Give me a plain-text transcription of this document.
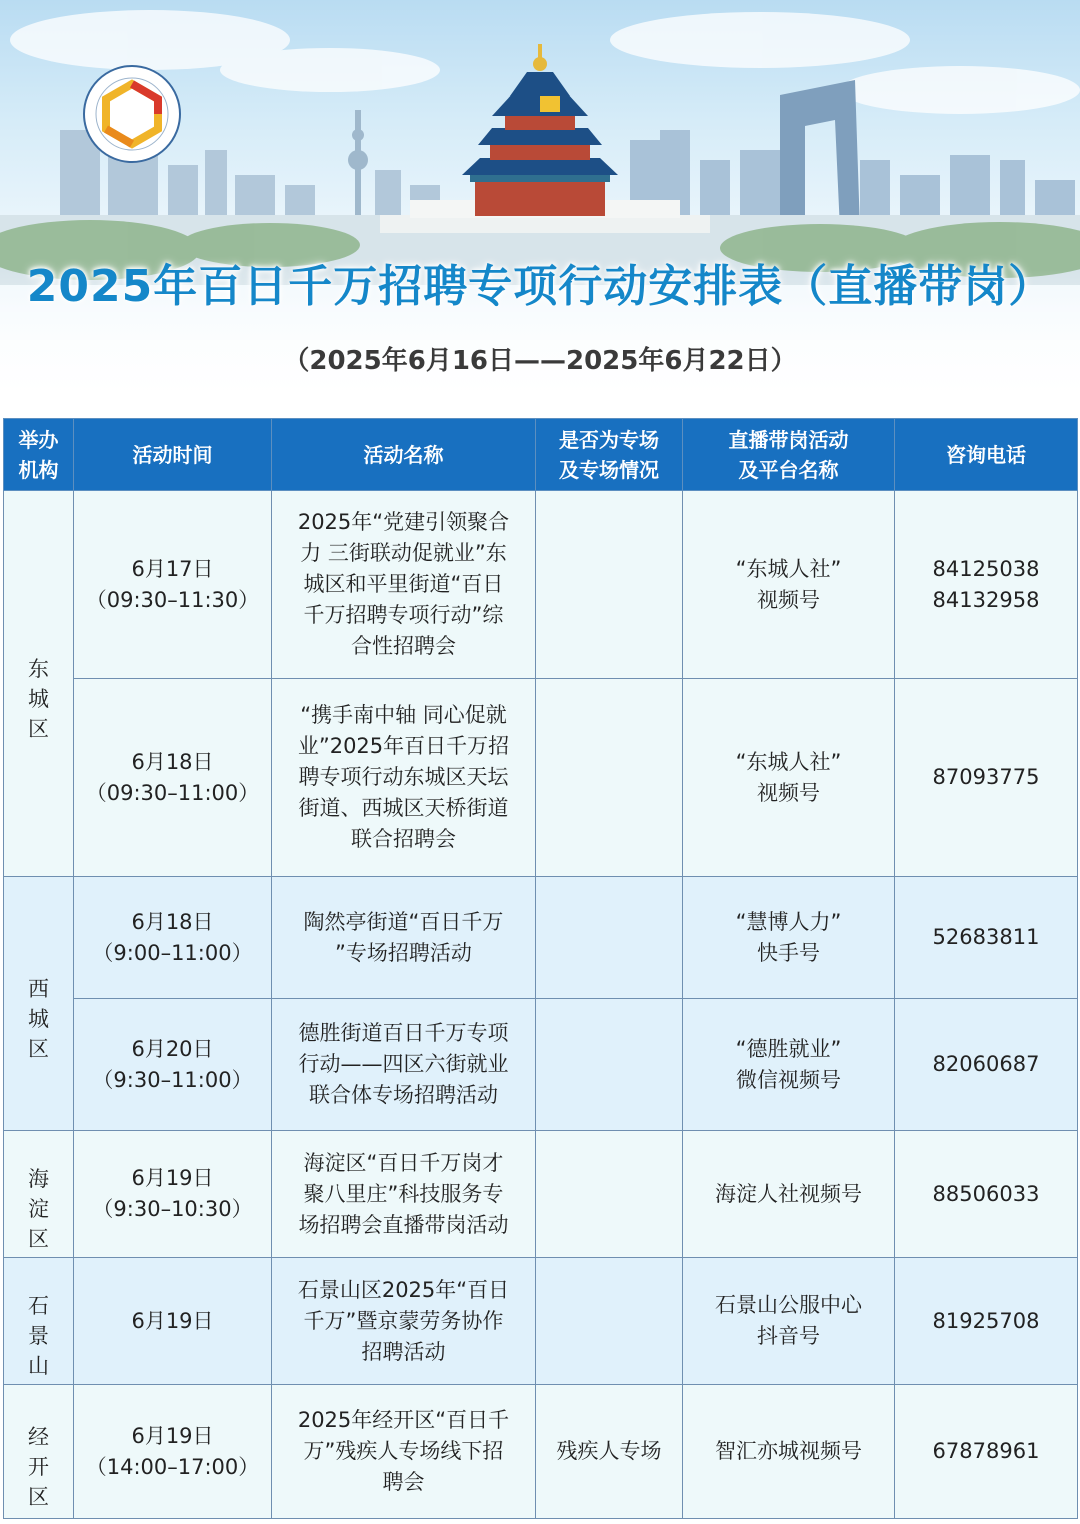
2025年百日千万招聘专项行动安排表（直播带岗）
（2025年6月16日——2025年6月22日）
举办
机构	活动时间	活动名称	是否为专场
及专场情况	直播带岗活动
及平台名称	咨询电话

东城区	6月17日
（09:30–11:30）	2025年“党建引领聚合
力 三街联动促就业”东
城区和平里街道“百日
千万招聘专项行动”综
合性招聘会		“东城人社”
视频号	84125038
84132958
	6月18日
（09:30–11:00）	“携手南中轴 同心促就
业”2025年百日千万招
聘专项行动东城区天坛
街道、西城区天桥街道
联合招聘会		“东城人社”
视频号	87093775

西城区	6月18日
（9:00–11:00）	陶然亭街道“百日千万
”专场招聘活动		“慧博人力”
快手号	52683811
	6月20日
（9:30–11:00）	德胜街道百日千万专项
行动——四区六街就业
联合体专场招聘活动		“德胜就业”
微信视频号	82060687

海淀区	6月19日
（9:30–10:30）	海淀区“百日千万岗才
聚八里庄”科技服务专
场招聘会直播带岗活动		海淀人社视频号	88506033

石景山	6月19日	石景山区2025年“百日
千万”暨京蒙劳务协作
招聘活动		石景山公服中心
抖音号	81925708

经开区	6月19日
（14:00–17:00）	2025年经开区“百日千
万”残疾人专场线下招
聘会	残疾人专场	智汇亦城视频号	67878961
